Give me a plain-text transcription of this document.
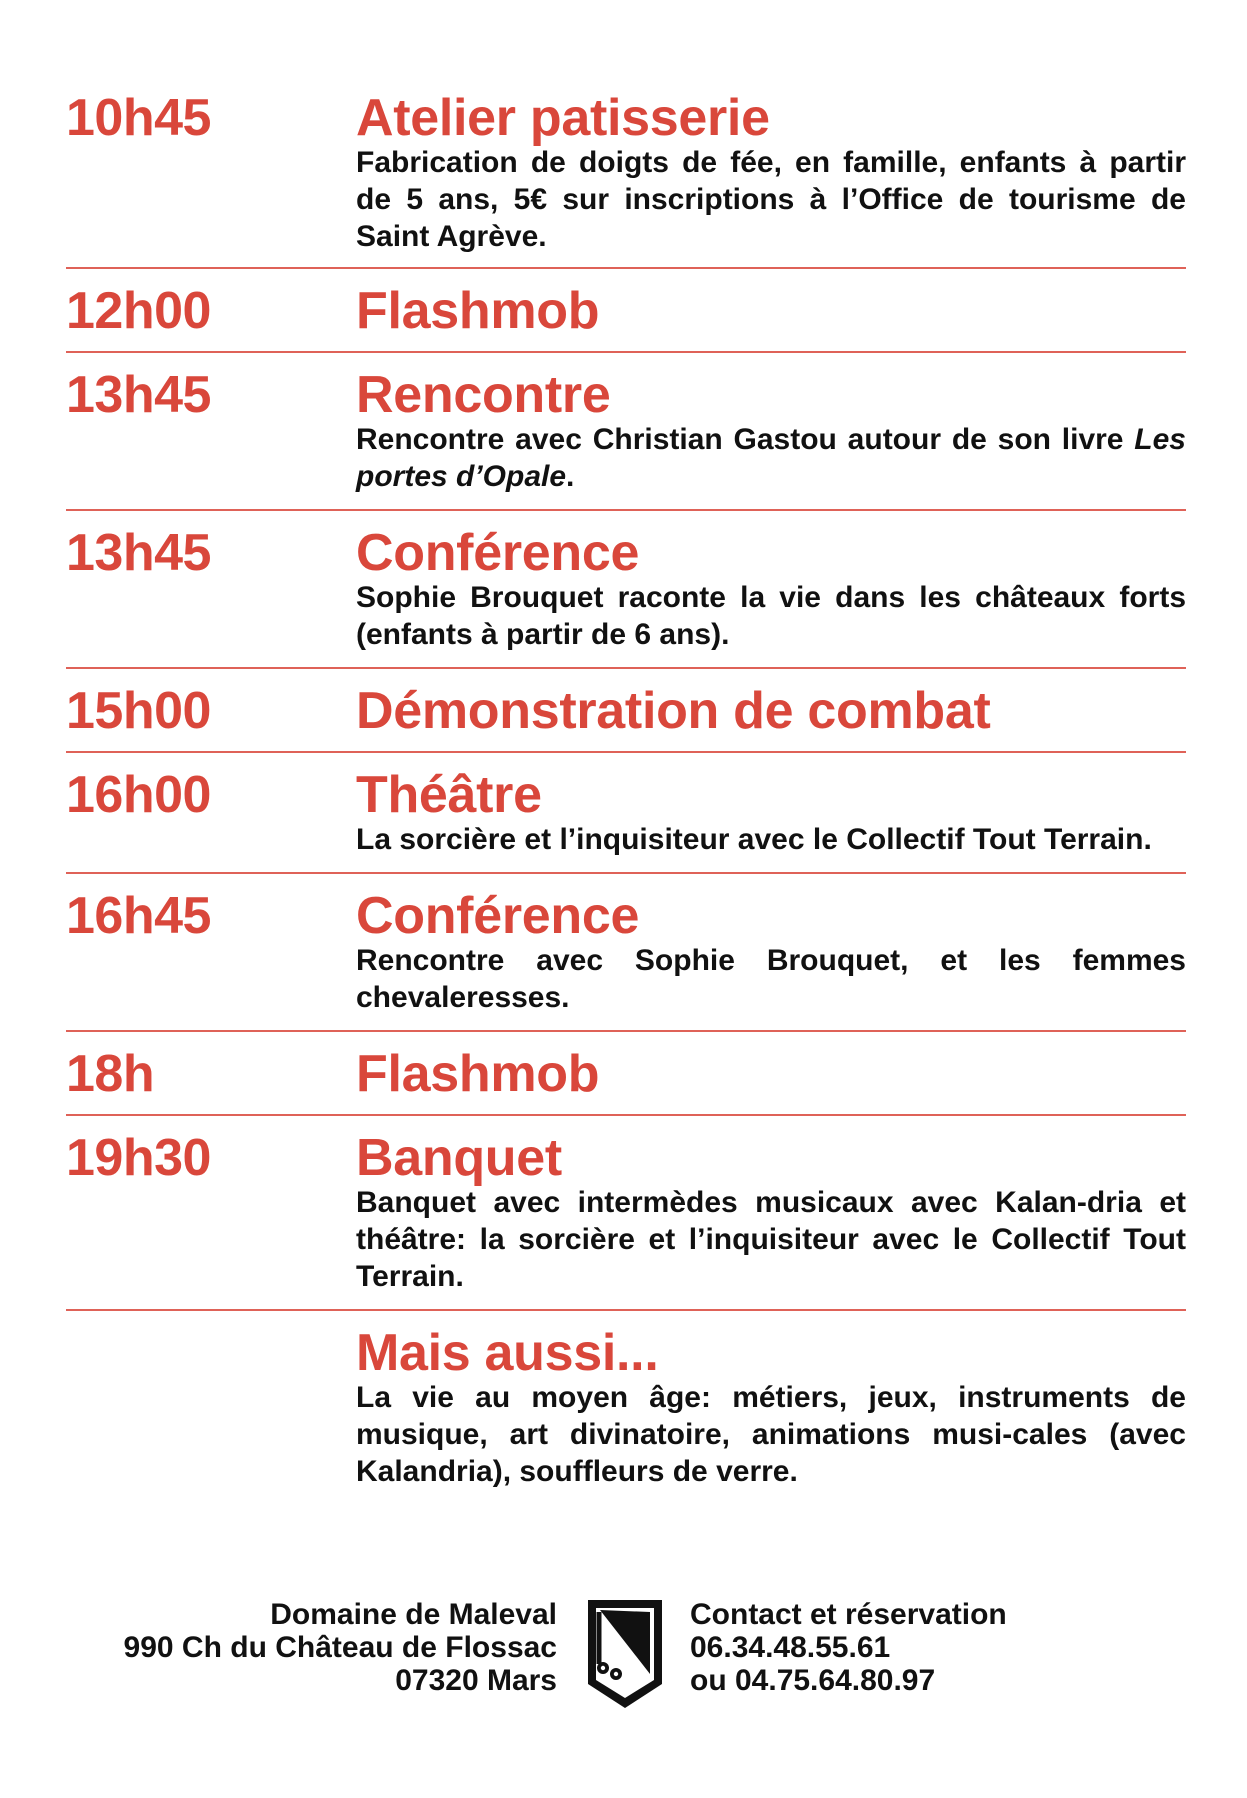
10h45	Atelier patisserie
Fabrication de doigts de fée, en famille, enfants à partir de 5 ans, 5€ sur inscriptions à l’Office de tourisme de Saint Agrève.
12h00	Flashmob
13h45	Rencontre
Rencontre avec Christian Gastou autour de son livre Les portes d’Opale.
13h45	Conférence
Sophie Brouquet raconte la vie dans les châteaux forts (enfants à partir de 6 ans).
15h00	Démonstration de combat
16h00	Théâtre
La sorcière et l’inquisiteur avec le Collectif Tout Terrain.
16h45	Conférence
Rencontre avec Sophie Brouquet, et les femmes chevaleresses.
18h	Flashmob
19h30	Banquet
Banquet avec intermèdes musicaux avec Kalan-dria et théâtre: la sorcière et l’inquisiteur avec le Collectif Tout Terrain.
Mais aussi...
La vie au moyen âge: métiers, jeux, instruments de musique, art divinatoire, animations musi-cales (avec Kalandria), souffleurs de verre.
Domaine de Maleval
990 Ch du Château de Flossac
07320 Mars
Contact et réservation
06.34.48.55.61
ou 04.75.64.80.97
